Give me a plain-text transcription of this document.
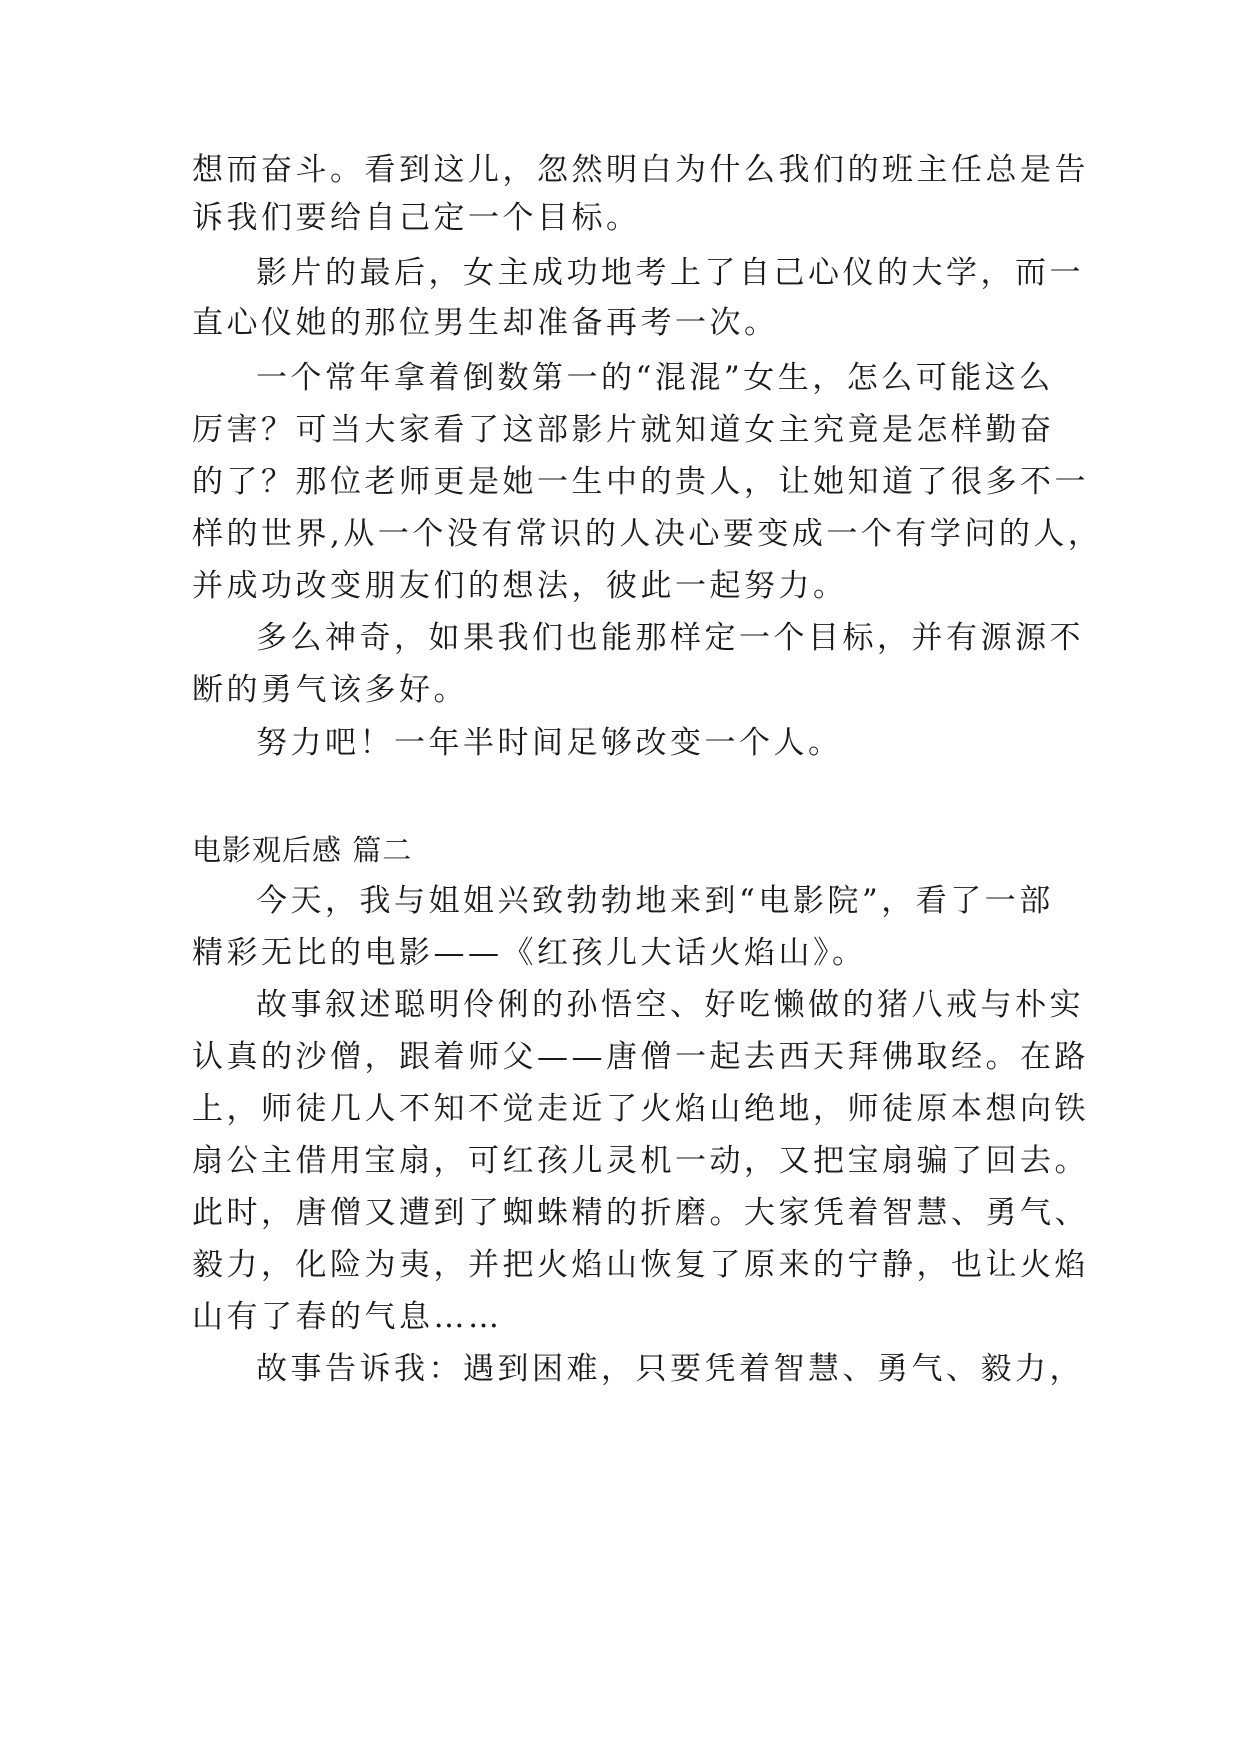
想而奋斗。看到这儿，忽然明白为什么我们的班主任总是告
诉我们要给自己定一个目标。
影片的最后，女主成功地考上了自己心仪的大学，而一
直心仪她的那位男生却准备再考一次。
一个常年拿着倒数第一的“混混”女生，怎么可能这么
厉害？可当大家看了这部影片就知道女主究竟是怎样勤奋
的了？那位老师更是她一生中的贵人，让她知道了很多不一
样的世界,从一个没有常识的人决心要变成一个有学问的人，
并成功改变朋友们的想法，彼此一起努力。
多么神奇，如果我们也能那样定一个目标，并有源源不
断的勇气该多好。
努力吧！一年半时间足够改变一个人。
电影观后感 篇二
今天，我与姐姐兴致勃勃地来到“电影院”，看了一部
精彩无比的电影——《红孩儿大话火焰山》。
故事叙述聪明伶俐的孙悟空、好吃懒做的猪八戒与朴实
认真的沙僧，跟着师父——唐僧一起去西天拜佛取经。在路
上，师徒几人不知不觉走近了火焰山绝地，师徒原本想向铁
扇公主借用宝扇，可红孩儿灵机一动，又把宝扇骗了回去。
此时，唐僧又遭到了蜘蛛精的折磨。大家凭着智慧、勇气、
毅力，化险为夷，并把火焰山恢复了原来的宁静，也让火焰
山有了春的气息……
故事告诉我：遇到困难，只要凭着智慧、勇气、毅力，
